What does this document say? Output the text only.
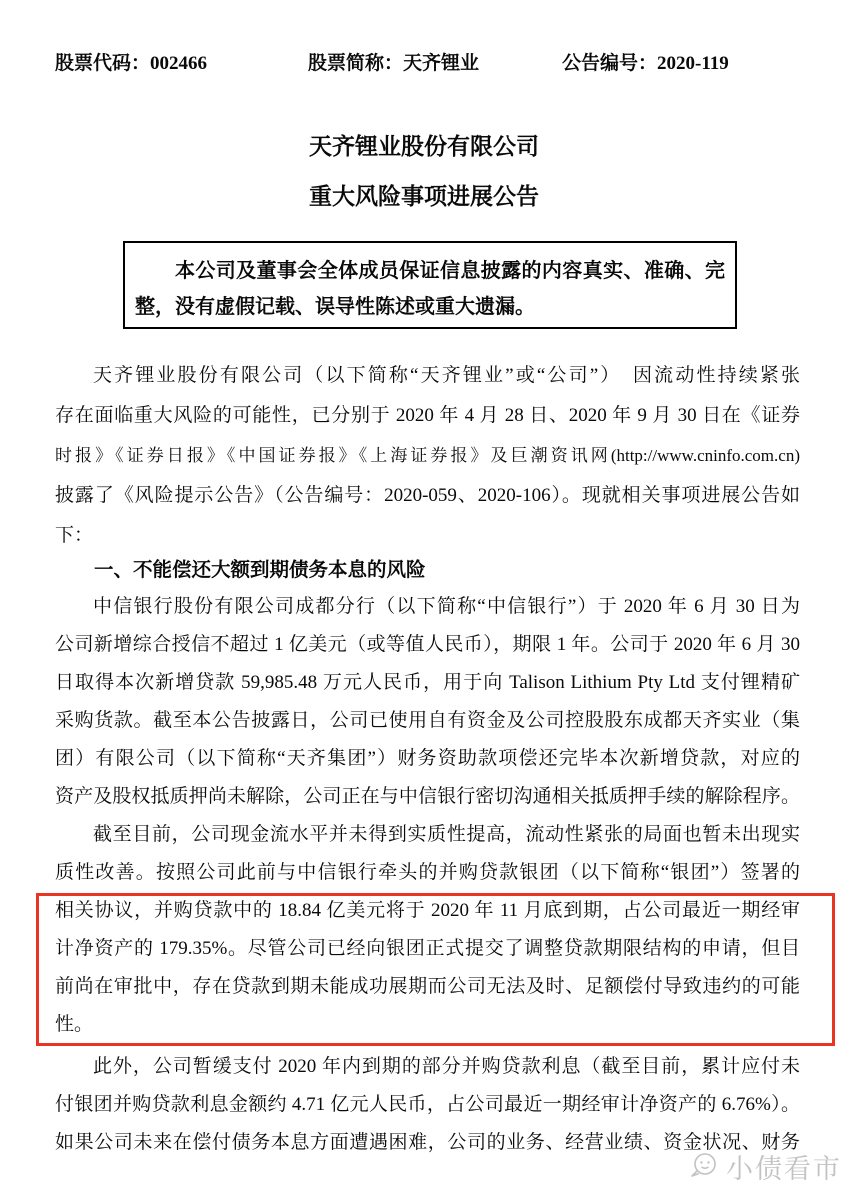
股票代码：002466	股票简称：天齐锂业	公告编号：2020-119
天齐锂业股份有限公司
重大风险事项进展公告
本公司及董事会全体成员保证信息披露的内容真实、准确、完
整，没有虚假记载、误导性陈述或重大遗漏。
天齐锂业股份有限公司（以下简称“天齐锂业”或“公司”）　因流动性持续紧张
存在面临重大风险的可能性，已分别于 2020 年 4 月 28 日、2020 年 9 月 30 日在《证券
时报》《证券日报》《中国证券报》《上海证券报》及巨潮资讯网(http://www.cninfo.com.cn)
披露了《风险提示公告》（公告编号：2020-059、2020-106）。现就相关事项进展公告如
下：
一、不能偿还大额到期债务本息的风险
中信银行股份有限公司成都分行（以下简称“中信银行”）于 2020 年 6 月 30 日为
公司新增综合授信不超过 1 亿美元（或等值人民币），期限 1 年。公司于 2020 年 6 月 30
日取得本次新增贷款 59,985.48 万元人民币，用于向 Talison Lithium Pty Ltd 支付锂精矿
采购货款。截至本公告披露日，公司已使用自有资金及公司控股股东成都天齐实业（集
团）有限公司（以下简称“天齐集团”）财务资助款项偿还完毕本次新增贷款，对应的
资产及股权抵质押尚未解除，公司正在与中信银行密切沟通相关抵质押手续的解除程序。
截至目前，公司现金流水平并未得到实质性提高，流动性紧张的局面也暂未出现实
质性改善。按照公司此前与中信银行牵头的并购贷款银团（以下简称“银团”）签署的
相关协议，并购贷款中的 18.84 亿美元将于 2020 年 11 月底到期，占公司最近一期经审
计净资产的 179.35%。尽管公司已经向银团正式提交了调整贷款期限结构的申请，但目
前尚在审批中，存在贷款到期未能成功展期而公司无法及时、足额偿付导致违约的可能
性。
此外，公司暂缓支付 2020 年内到期的部分并购贷款利息（截至目前，累计应付未
付银团并购贷款利息金额约 4.71 亿元人民币，占公司最近一期经审计净资产的 6.76%）。
如果公司未来在偿付债务本息方面遭遇困难，公司的业务、经营业绩、资金状况、财务
小债看市
